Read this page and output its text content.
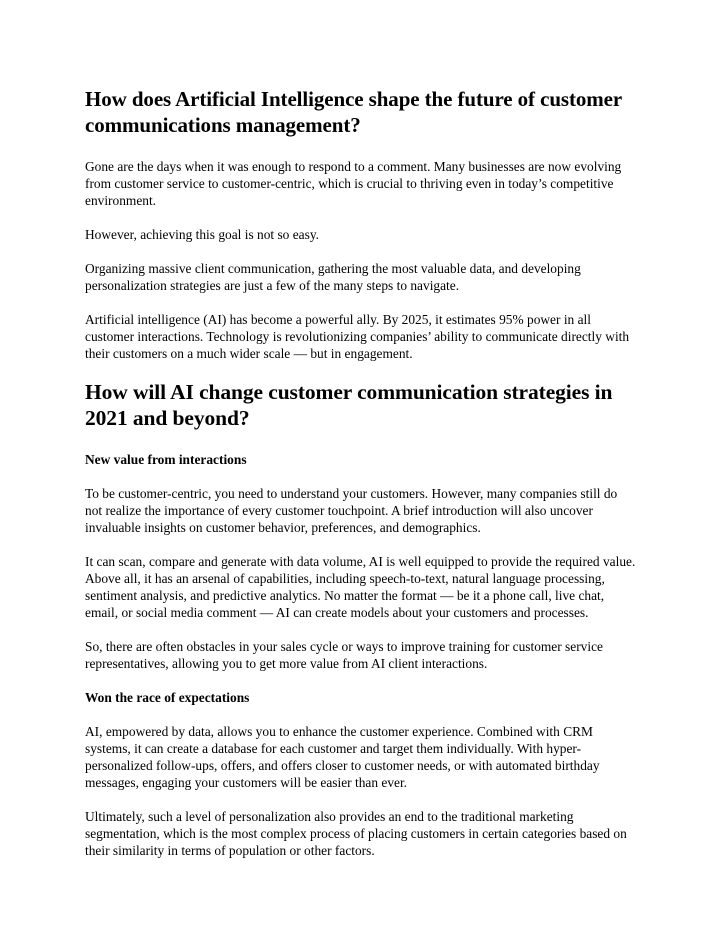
How does Artificial Intelligence shape the future of customer communications management?

Gone are the days when it was enough to respond to a comment. Many businesses are now evolving from customer service to customer-centric, which is crucial to thriving even in today’s competitive environment.

However, achieving this goal is not so easy.

Organizing massive client communication, gathering the most valuable data, and developing personalization strategies are just a few of the many steps to navigate.

Artificial intelligence (AI) has become a powerful ally. By 2025, it estimates 95% power in all customer interactions. Technology is revolutionizing companies’ ability to communicate directly with their customers on a much wider scale — but in engagement.

How will AI change customer communication strategies in 2021 and beyond?

New value from interactions

To be customer-centric, you need to understand your customers. However, many companies still do not realize the importance of every customer touchpoint. A brief introduction will also uncover invaluable insights on customer behavior, preferences, and demographics.

It can scan, compare and generate with data volume, AI is well equipped to provide the required value. Above all, it has an arsenal of capabilities, including speech-to-text, natural language processing, sentiment analysis, and predictive analytics. No matter the format — be it a phone call, live chat, email, or social media comment — AI can create models about your customers and processes.

So, there are often obstacles in your sales cycle or ways to improve training for customer service representatives, allowing you to get more value from AI client interactions.

Won the race of expectations

AI, empowered by data, allows you to enhance the customer experience. Combined with CRM systems, it can create a database for each customer and target them individually. With hyper-personalized follow-ups, offers, and offers closer to customer needs, or with automated birthday messages, engaging your customers will be easier than ever.

Ultimately, such a level of personalization also provides an end to the traditional marketing segmentation, which is the most complex process of placing customers in certain categories based on their similarity in terms of population or other factors.
